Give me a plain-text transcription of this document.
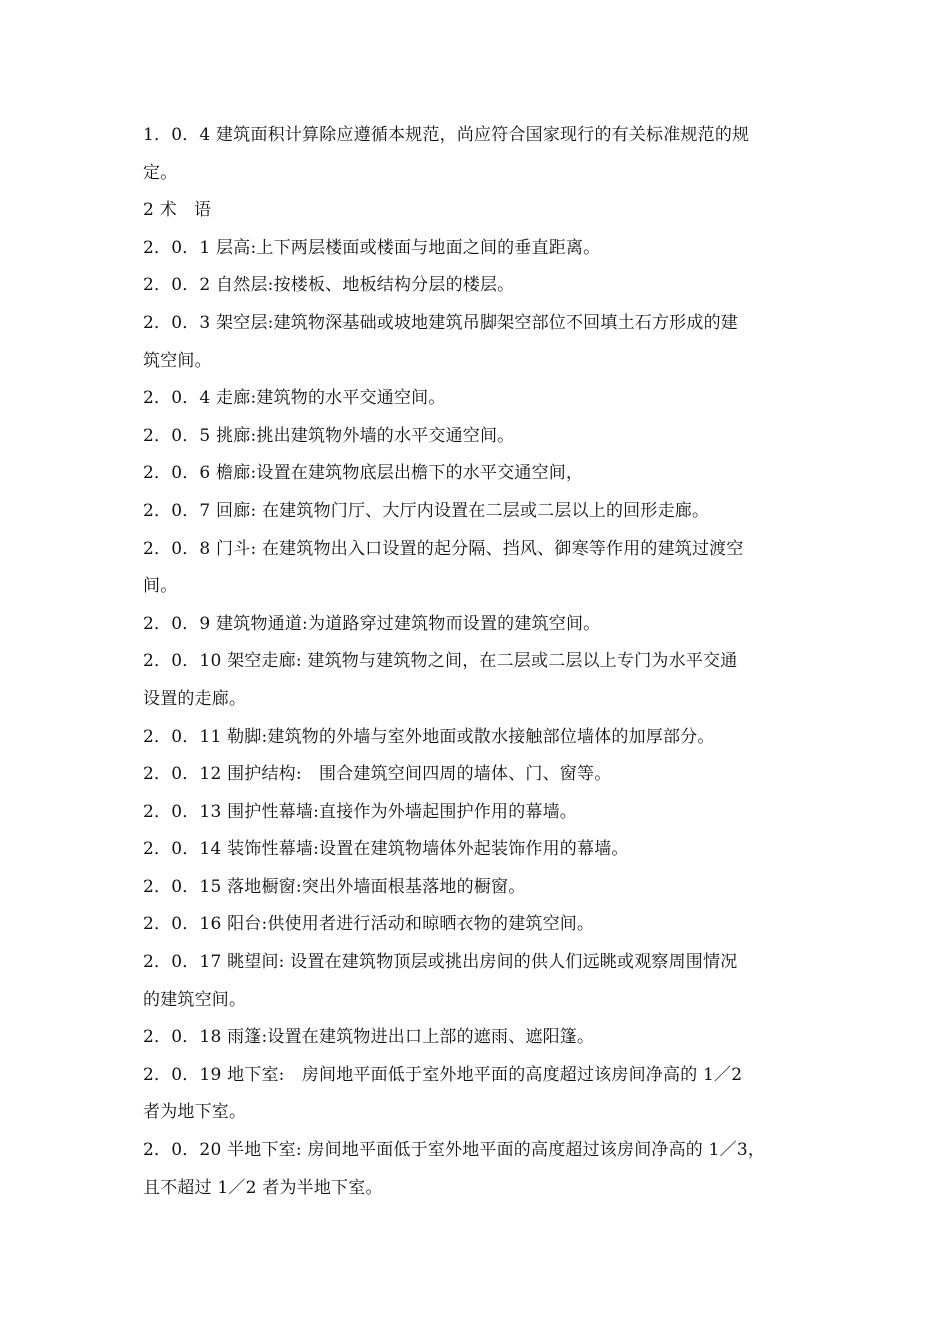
1．0．4 建筑面积计算除应遵循本规范，尚应符合国家现行的有关标准规范的规
定。
2 术　语
2．0．1 层高:上下两层楼面或楼面与地面之间的垂直距离。
2．0．2 自然层:按楼板、地板结构分层的楼层。
2．0．3 架空层:建筑物深基础或坡地建筑吊脚架空部位不回填土石方形成的建
筑空间。
2．0．4 走廊:建筑物的水平交通空间。
2．0．5 挑廊:挑出建筑物外墙的水平交通空间。
2．0．6 檐廊:设置在建筑物底层出檐下的水平交通空间，
2．0．7 回廊: 在建筑物门厅、大厅内设置在二层或二层以上的回形走廊。
2．0．8 门斗: 在建筑物出入口设置的起分隔、挡风、御寒等作用的建筑过渡空
间。
2．0．9 建筑物通道:为道路穿过建筑物而设置的建筑空间。
2．0．10 架空走廊: 建筑物与建筑物之间，在二层或二层以上专门为水平交通
设置的走廊。
2．0．11 勒脚:建筑物的外墙与室外地面或散水接触部位墙体的加厚部分。
2．0．12 围护结构:　围合建筑空间四周的墙体、门、窗等。
2．0．13 围护性幕墙:直接作为外墙起围护作用的幕墙。
2．0．14 装饰性幕墙:设置在建筑物墙体外起装饰作用的幕墙。
2．0．15 落地橱窗:突出外墙面根基落地的橱窗。
2．0．16 阳台:供使用者进行活动和晾晒衣物的建筑空间。
2．0．17 眺望间: 设置在建筑物顶层或挑出房间的供人们远眺或观察周围情况
的建筑空间。
2．0．18 雨篷:设置在建筑物进出口上部的遮雨、遮阳篷。
2．0．19 地下室:　房间地平面低于室外地平面的高度超过该房间净高的 1／2
者为地下室。
2．0．20 半地下室: 房间地平面低于室外地平面的高度超过该房间净高的 1／3，
且不超过 1／2 者为半地下室。
